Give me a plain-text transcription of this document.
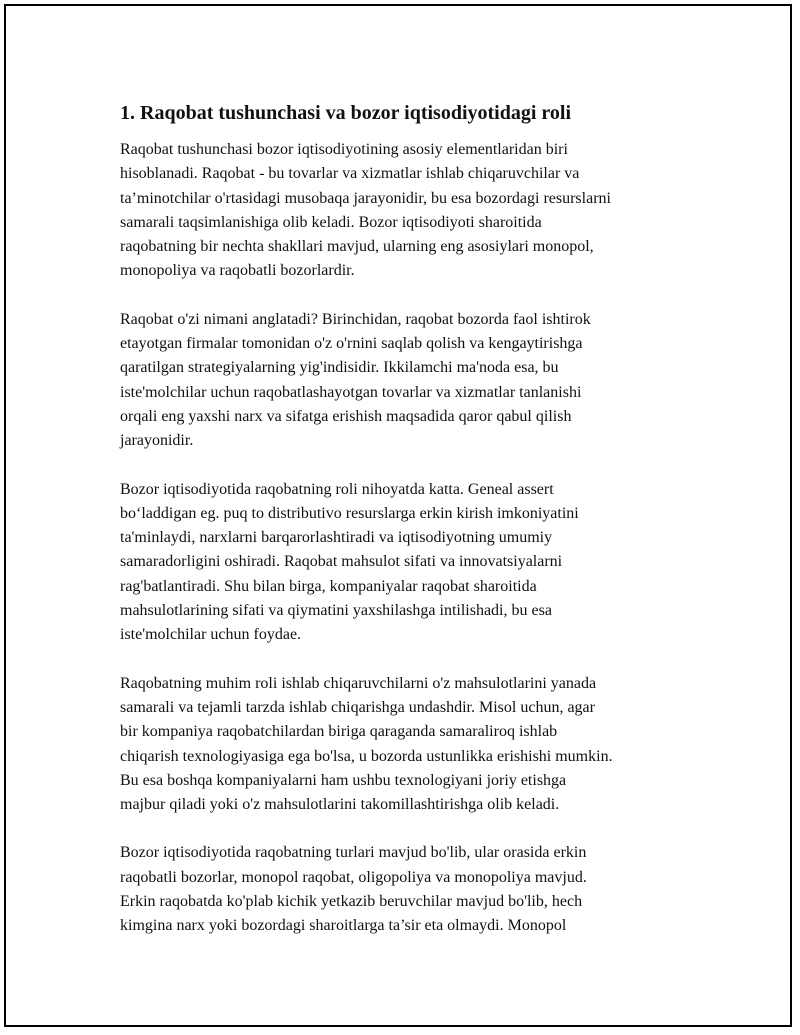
1. Raqobat tushunchasi va bozor iqtisodiyotidagi roli

Raqobat tushunchasi bozor iqtisodiyotining asosiy elementlaridan biri
hisoblanadi. Raqobat - bu tovarlar va xizmatlar ishlab chiqaruvchilar va
ta’minotchilar o'rtasidagi musobaqa jarayonidir, bu esa bozordagi resurslarni
samarali taqsimlanishiga olib keladi. Bozor iqtisodiyoti sharoitida
raqobatning bir nechta shakllari mavjud, ularning eng asosiylari monopol,
monopoliya va raqobatli bozorlardir.

Raqobat o'zi nimani anglatadi? Birinchidan, raqobat bozorda faol ishtirok
etayotgan firmalar tomonidan o'z o'rnini saqlab qolish va kengaytirishga
qaratilgan strategiyalarning yig'indisidir. Ikkilamchi ma'noda esa, bu
iste'molchilar uchun raqobatlashayotgan tovarlar va xizmatlar tanlanishi
orqali eng yaxshi narx va sifatga erishish maqsadida qaror qabul qilish
jarayonidir.

Bozor iqtisodiyotida raqobatning roli nihoyatda katta. Geneal assert
bo‘laddigan eg. puq to distributivo resurslarga erkin kirish imkoniyatini
ta'minlaydi, narxlarni barqarorlashtiradi va iqtisodiyotning umumiy
samaradorligini oshiradi. Raqobat mahsulot sifati va innovatsiyalarni
rag'batlantiradi. Shu bilan birga, kompaniyalar raqobat sharoitida
mahsulotlarining sifati va qiymatini yaxshilashga intilishadi, bu esa
iste'molchilar uchun foydae.

Raqobatning muhim roli ishlab chiqaruvchilarni o'z mahsulotlarini yanada
samarali va tejamli tarzda ishlab chiqarishga undashdir. Misol uchun, agar
bir kompaniya raqobatchilardan biriga qaraganda samaraliroq ishlab
chiqarish texnologiyasiga ega bo'lsa, u bozorda ustunlikka erishishi mumkin.
Bu esa boshqa kompaniyalarni ham ushbu texnologiyani joriy etishga
majbur qiladi yoki o'z mahsulotlarini takomillashtirishga olib keladi.

Bozor iqtisodiyotida raqobatning turlari mavjud bo'lib, ular orasida erkin
raqobatli bozorlar, monopol raqobat, oligopoliya va monopoliya mavjud.
Erkin raqobatda ko'plab kichik yetkazib beruvchilar mavjud bo'lib, hech
kimgina narx yoki bozordagi sharoitlarga ta’sir eta olmaydi. Monopol
